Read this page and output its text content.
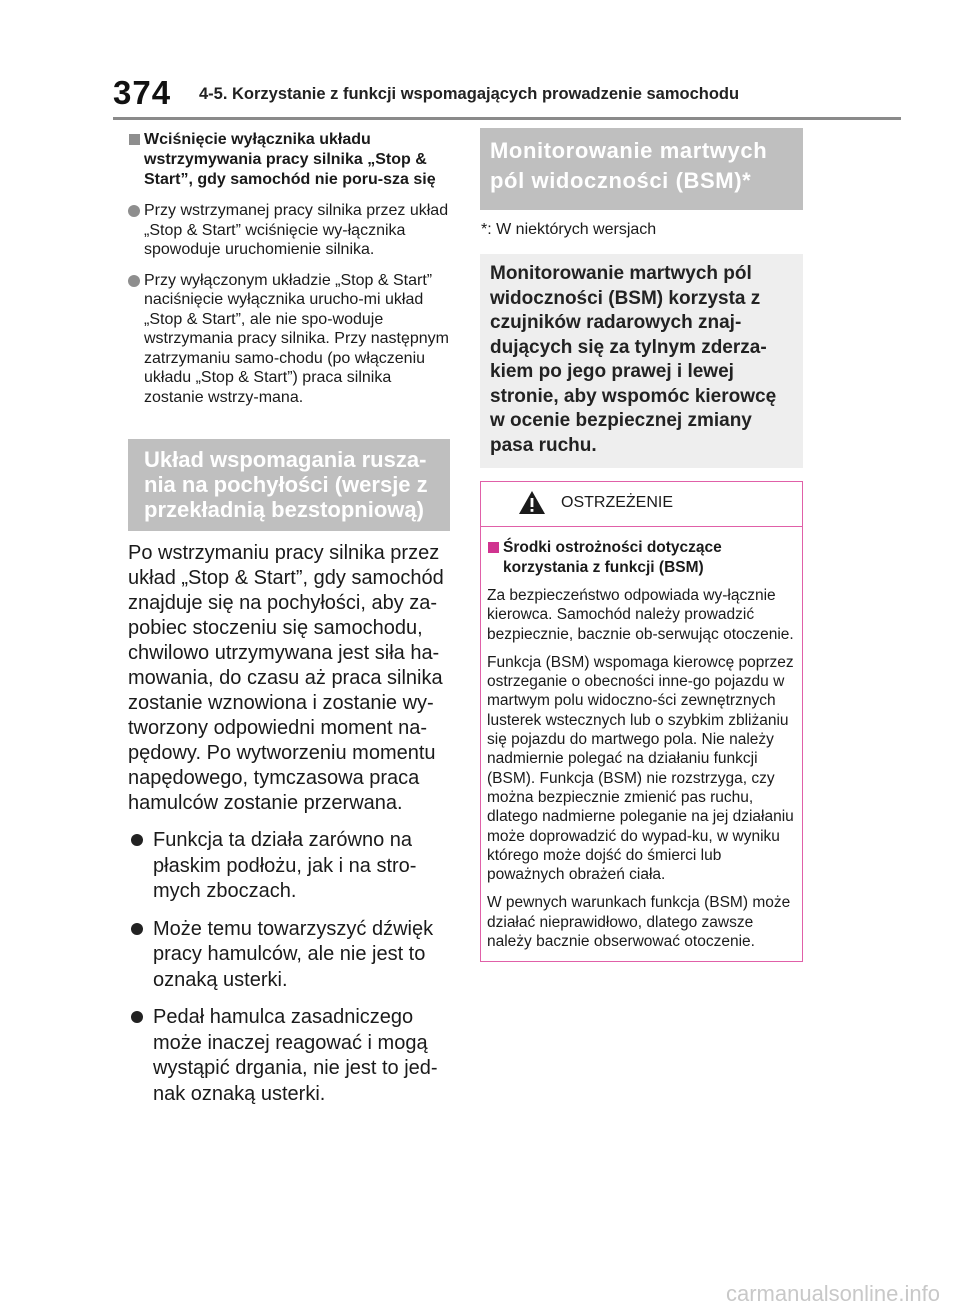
374 4-5. Korzystanie z funkcji wspomagających prowadzenie samochodu
Wciśnięcie wyłącznika układu wstrzymywania pracy silnika „Stop & Start”, gdy samochód nie poru-sza się
Przy wstrzymanej pracy silnika przez układ „Stop & Start” wciśnięcie wy-łącznika spowoduje uruchomienie silnika.
Przy wyłączonym układzie „Stop & Start” naciśnięcie wyłącznika urucho-mi układ „Stop & Start”, ale nie spo-woduje wstrzymania pracy silnika. Przy następnym zatrzymaniu samo-chodu (po włączeniu układu „Stop & Start”) praca silnika zostanie wstrzy-mana.
Układ wspomagania rusza-nia na pochyłości (wersje z przekładnią bezstopniową)
Po wstrzymaniu pracy silnika przez układ „Stop & Start”, gdy samochód znajduje się na pochyłości, aby za-pobiec stoczeniu się samochodu, chwilowo utrzymywana jest siła ha-mowania, do czasu aż praca silnika zostanie wznowiona i zostanie wy-tworzony odpowiedni moment na-pędowy. Po wytworzeniu momentu napędowego, tymczasowa praca hamulców zostanie przerwana.
Funkcja ta działa zarówno na płaskim podłożu, jak i na stro-mych zboczach.
Może temu towarzyszyć dźwięk pracy hamulców, ale nie jest to oznaką usterki.
Pedał hamulca zasadniczego może inaczej reagować i mogą wystąpić drgania, nie jest to jed-nak oznaką usterki.
Monitorowanie martwych pól widoczności (BSM)*
*: W niektórych wersjach
Monitorowanie martwych pól widoczności (BSM) korzysta z czujników radarowych znaj-dujących się za tylnym zderza-kiem po jego prawej i lewej stronie, aby wspomóc kierowcę w ocenie bezpiecznej zmiany pasa ruchu.
OSTRZEŻENIE
Środki ostrożności dotyczące korzystania z funkcji (BSM)
Za bezpieczeństwo odpowiada wy-łącznie kierowca. Samochód należy prowadzić bezpiecznie, bacznie ob-serwując otoczenie.
Funkcja (BSM) wspomaga kierowcę poprzez ostrzeganie o obecności inne-go pojazdu w martwym polu widoczno-ści zewnętrznych lusterek wstecznych lub o szybkim zbliżaniu się pojazdu do martwego pola. Nie należy nadmiernie polegać na działaniu funkcji (BSM). Funkcja (BSM) nie rozstrzyga, czy można bezpiecznie zmienić pas ruchu, dlatego nadmierne poleganie na jej działaniu może doprowadzić do wypad-ku, w wyniku którego może dojść do śmierci lub poważnych obrażeń ciała.
W pewnych warunkach funkcja (BSM) może działać nieprawidłowo, dlatego zawsze należy bacznie obserwować otoczenie.
carmanualsonline.info
